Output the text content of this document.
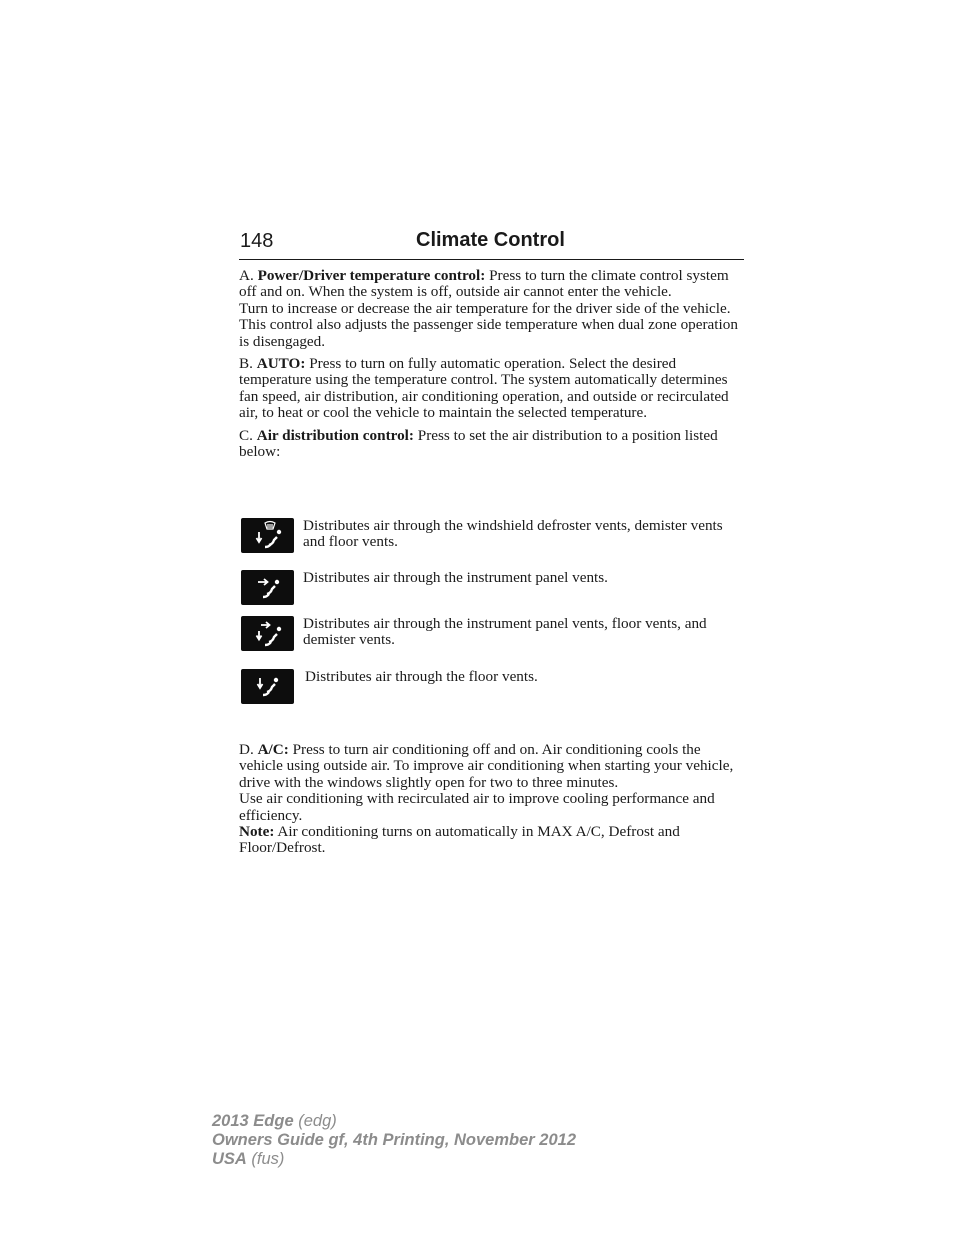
148	Climate Control

A. Power/Driver temperature control: Press to turn the climate control system off and on. When the system is off, outside air cannot enter the vehicle.

Turn to increase or decrease the air temperature for the driver side of the vehicle.

This control also adjusts the passenger side temperature when dual zone operation is disengaged.

B. AUTO: Press to turn on fully automatic operation. Select the desired temperature using the temperature control. The system automatically determines fan speed, air distribution, air conditioning operation, and outside or recirculated air, to heat or cool the vehicle to maintain the selected temperature.

C. Air distribution control: Press to set the air distribution to a position listed below:

Distributes air through the windshield defroster vents, demister vents and floor vents.
Distributes air through the instrument panel vents.
Distributes air through the instrument panel vents, floor vents, and demister vents.
Distributes air through the floor vents.

D. A/C: Press to turn air conditioning off and on. Air conditioning cools the vehicle using outside air. To improve air conditioning when starting your vehicle, drive with the windows slightly open for two to three minutes.

Use air conditioning with recirculated air to improve cooling performance and efficiency.

Note: Air conditioning turns on automatically in MAX A/C, Defrost and Floor/Defrost.

2013 Edge (edg)
Owners Guide gf, 4th Printing, November 2012
USA (fus)
